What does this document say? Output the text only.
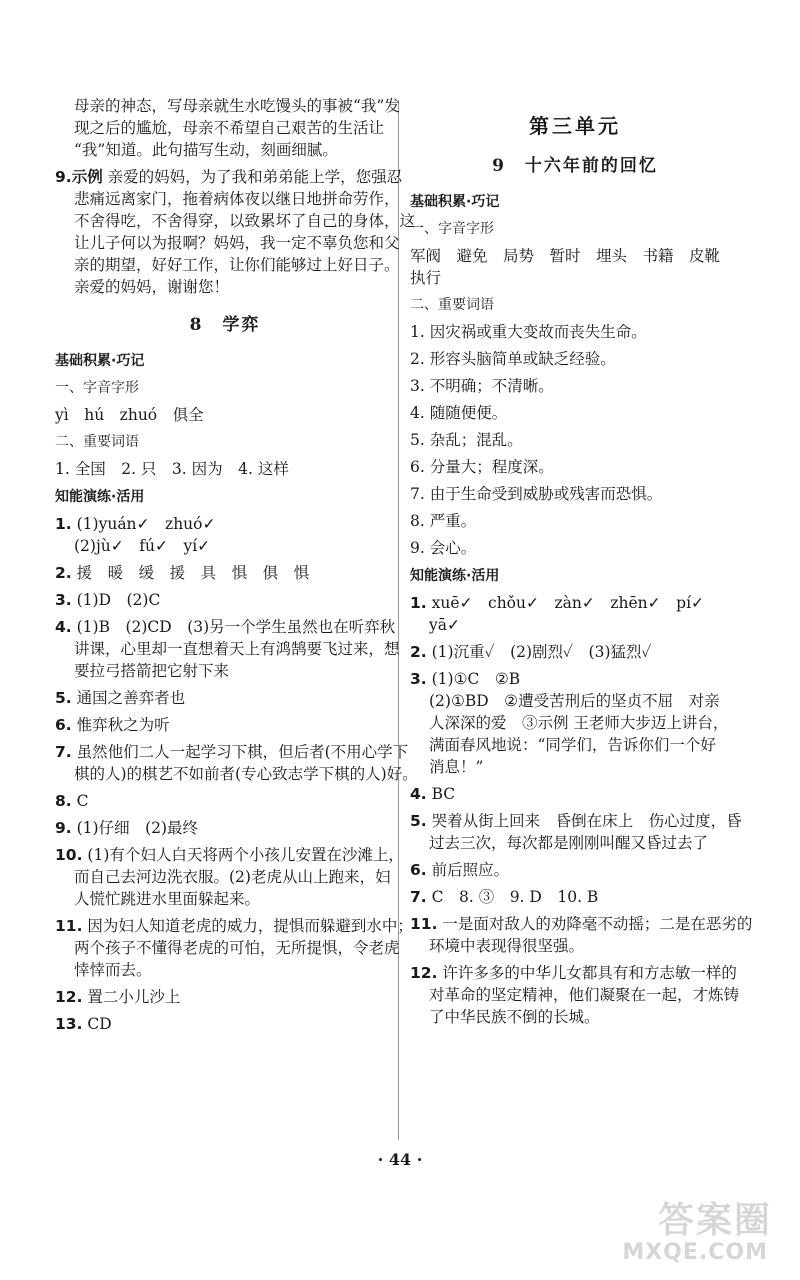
母亲的神态，写母亲就生水吃馒头的事被“我”发

现之后的尴尬，母亲不希望自己艰苦的生活让

“我”知道。此句描写生动，刻画细腻。

9.示例 亲爱的妈妈，为了我和弟弟能上学，您强忍

悲痛远离家门，拖着病体夜以继日地拼命劳作，

不舍得吃，不舍得穿，以致累坏了自己的身体，这

让儿子何以为报啊？妈妈，我一定不辜负您和父

亲的期望，好好工作，让你们能够过上好日子。

亲爱的妈妈，谢谢您！

8　学弈
基础积累·巧记
一、字音字形

yì　hú　zhuó　俱全

二、重要词语

1. 全国　2. 只　3. 因为　4. 这样

知能演练·活用

1. (1)yuán✓　zhuó✓

(2)jù✓　fú✓　yí✓

2. 援　暖　缓　援　具　惧　俱　惧

3. (1)D　(2)C

4. (1)B　(2)CD　(3)另一个学生虽然也在听弈秋

讲课，心里却一直想着天上有鸿鹄要飞过来，想

要拉弓搭箭把它射下来

5. 通国之善弈者也

6. 惟弈秋之为听

7. 虽然他们二人一起学习下棋，但后者(不用心学下

棋的人)的棋艺不如前者(专心致志学下棋的人)好。

8. C

9. (1)仔细　(2)最终

10. (1)有个妇人白天将两个小孩儿安置在沙滩上，

而自己去河边洗衣服。(2)老虎从山上跑来，妇

人慌忙跳进水里面躲起来。

11. 因为妇人知道老虎的威力，提惧而躲避到水中；

两个孩子不懂得老虎的可怕，无所提惧，令老虎

悻悻而去。

12. 置二小儿沙上

13. CD

第三单元
9　十六年前的回忆
基础积累·巧记
一、字音字形

军阀　避免　局势　暂时　埋头　书籍　皮靴

执行

二、重要词语

1. 因灾祸或重大变故而丧失生命。

2. 形容头脑简单或缺乏经验。

3. 不明确；不清晰。

4. 随随便便。

5. 杂乱；混乱。

6. 分量大；程度深。

7. 由于生命受到威胁或残害而恐惧。

8. 严重。

9. 会心。

知能演练·活用

1. xuē✓　chǒu✓　zàn✓　zhēn✓　pí✓

yā✓

2. (1)沉重✓　(2)剧烈✓　(3)猛烈✓

3. (1)①C　②B

(2)①BD　②遭受苦刑后的坚贞不屈　对亲

人深深的爱　③示例 王老师大步迈上讲台，

满面春风地说：“同学们，告诉你们一个好

消息！”

4. BC

5. 哭着从街上回来　昏倒在床上　伤心过度，昏

过去三次，每次都是刚刚叫醒又昏过去了

6. 前后照应。

7. C　8. ③　9. D　10. B

11. 一是面对敌人的劝降毫不动摇；二是在恶劣的

环境中表现得很坚强。

12. 许许多多的中华儿女都具有和方志敏一样的

对革命的坚定精神，他们凝聚在一起，才炼铸

了中华民族不倒的长城。

· 44 ·
答案圈
MXQE.COM
